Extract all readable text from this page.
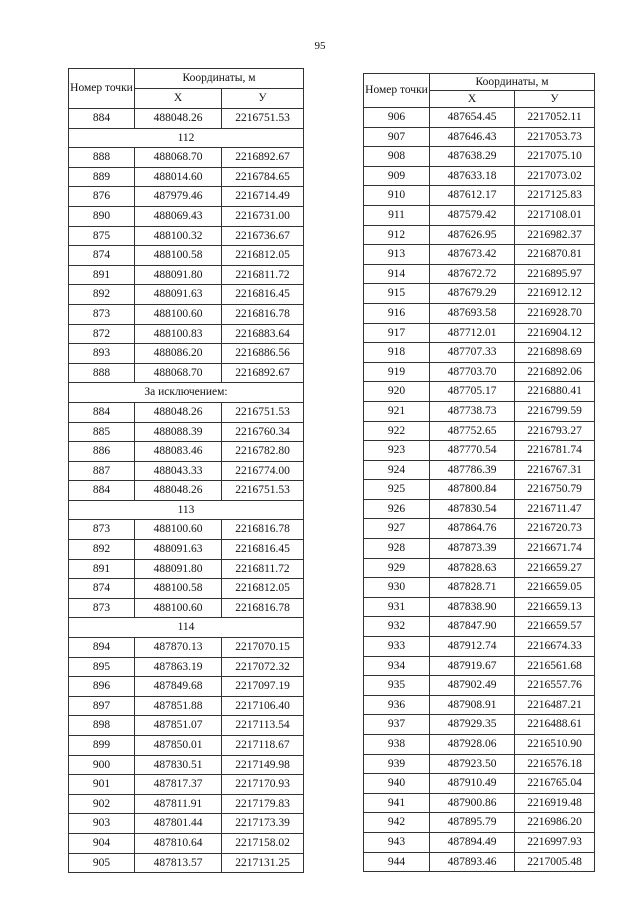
95
Номер точки	Координаты, м	
	X	У
884	488048.26	2216751.53
112		
888	488068.70	2216892.67
889	488014.60	2216784.65
876	487979.46	2216714.49
890	488069.43	2216731.00
875	488100.32	2216736.67
874	488100.58	2216812.05
891	488091.80	2216811.72
892	488091.63	2216816.45
873	488100.60	2216816.78
872	488100.83	2216883.64
893	488086.20	2216886.56
888	488068.70	2216892.67
За исключением:		
884	488048.26	2216751.53
885	488088.39	2216760.34
886	488083.46	2216782.80
887	488043.33	2216774.00
884	488048.26	2216751.53
113		
873	488100.60	2216816.78
892	488091.63	2216816.45
891	488091.80	2216811.72
874	488100.58	2216812.05
873	488100.60	2216816.78
114		
894	487870.13	2217070.15
895	487863.19	2217072.32
896	487849.68	2217097.19
897	487851.88	2217106.40
898	487851.07	2217113.54
899	487850.01	2217118.67
900	487830.51	2217149.98
901	487817.37	2217170.93
902	487811.91	2217179.83
903	487801.44	2217173.39
904	487810.64	2217158.02
905	487813.57	2217131.25
Номер точки	Координаты, м	
	X	У
906	487654.45	2217052.11
907	487646.43	2217053.73
908	487638.29	2217075.10
909	487633.18	2217073.02
910	487612.17	2217125.83
911	487579.42	2217108.01
912	487626.95	2216982.37
913	487673.42	2216870.81
914	487672.72	2216895.97
915	487679.29	2216912.12
916	487693.58	2216928.70
917	487712.01	2216904.12
918	487707.33	2216898.69
919	487703.70	2216892.06
920	487705.17	2216880.41
921	487738.73	2216799.59
922	487752.65	2216793.27
923	487770.54	2216781.74
924	487786.39	2216767.31
925	487800.84	2216750.79
926	487830.54	2216711.47
927	487864.76	2216720.73
928	487873.39	2216671.74
929	487828.63	2216659.27
930	487828.71	2216659.05
931	487838.90	2216659.13
932	487847.90	2216659.57
933	487912.74	2216674.33
934	487919.67	2216561.68
935	487902.49	2216557.76
936	487908.91	2216487.21
937	487929.35	2216488.61
938	487928.06	2216510.90
939	487923.50	2216576.18
940	487910.49	2216765.04
941	487900.86	2216919.48
942	487895.79	2216986.20
943	487894.49	2216997.93
944	487893.46	2217005.48
